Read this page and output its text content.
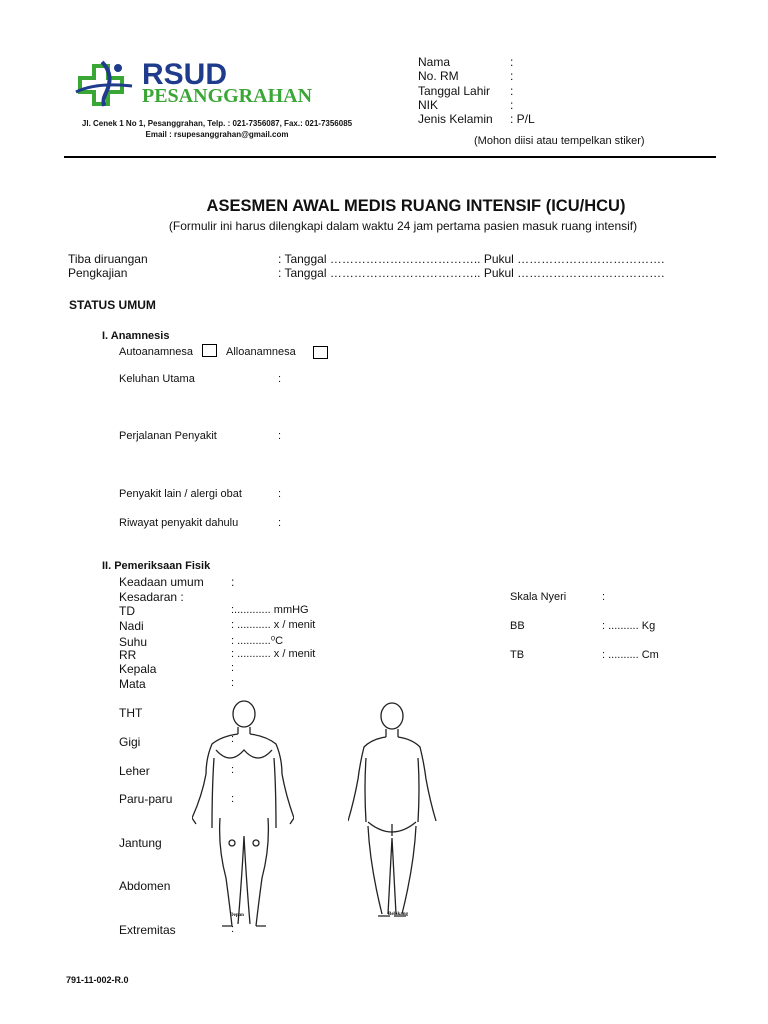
RSUD
PESANGGRAHAN
Jl. Cenek 1 No 1, Pesanggrahan, Telp. : 021-7356087, Fax.: 021-7356085
Email : rsupesanggrahan@gmail.com
Nama	:
No. RM	:
Tanggal Lahir :
NIK	:
Jenis Kelamin : P/L
(Mohon diisi atau tempelkan stiker)
ASESMEN AWAL MEDIS RUANG INTENSIF (ICU/HCU)
(Formulir ini harus dilengkapi dalam waktu 24 jam pertama pasien masuk ruang intensif)
Tiba diruangan	: Tanggal ……………………………….. Pukul ……………………………….
Pengkajian	: Tanggal ……………………………….. Pukul ……………………………….
STATUS UMUM
I. Anamnesis
Autoanamnesa	Alloanamnesa
Keluhan Utama	:
Perjalanan Penyakit	:
Penyakit lain / alergi obat	:
Riwayat penyakit dahulu	:
II. Pemeriksaan Fisik
Keadaan umum :
Kesadaran :	Skala Nyeri	:
TD	:............ mmHG
Nadi	: ........... x / menit	BB	: .......... Kg
Suhu	: ...........⁰C
RR	: ........... x / menit	TB	: .......... Cm
Kepala	:
Mata	:
THT
Gigi	:
Leher	:
Paru-paru	:
Jantung
Abdomen
Extremitas	:
Depan	Belakang
791-11-002-R.0
